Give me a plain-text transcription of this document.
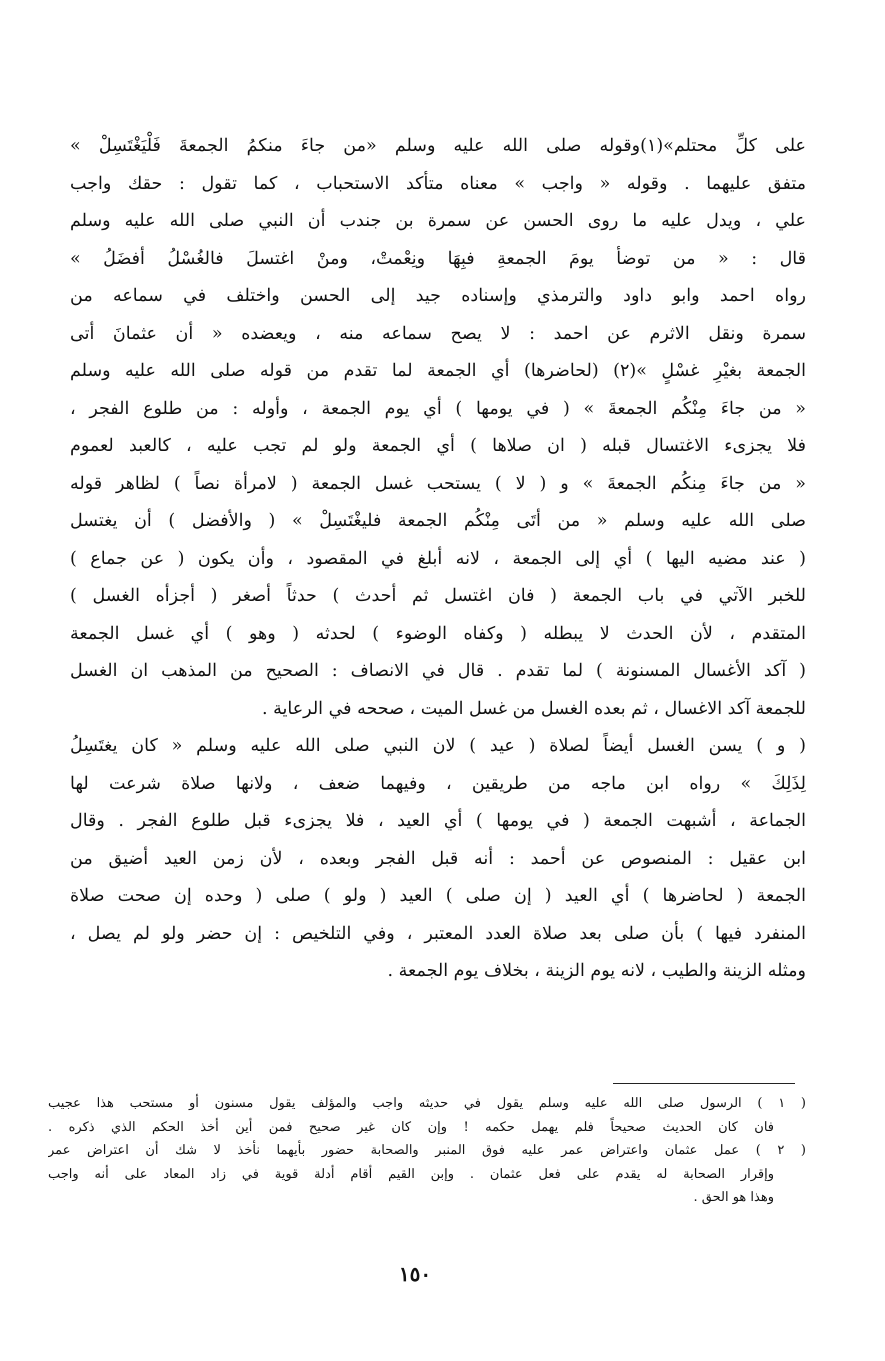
على كلِّ محتلم»(١)وقوله صلى الله عليه وسلم «من جاءَ منكمُ الجمعةَ فَلْيَغْتَسِلْ »
متفق عليهما . وقوله « واجب » معناه متأكد الاستحباب ، كما تقول : حقك واجب
علي ، ويدل عليه ما روى الحسن عن سمرة بن جندب أن النبي صلى الله عليه وسلم
قال : « من توضأ يومَ الجمعةِ فبِهَا ونِعْمتْ، ومنْ اغتسلَ فالغُسْلُ أفضَلُ »
رواه احمد وابو داود والترمذي وإسناده جيد إلى الحسن واختلف في سماعه من
سمرة ونقل الاثرم عن احمد : لا يصح سماعه منه ، ويعضده « أن عثمانَ أتى
الجمعة بغيْرِ غسْلٍ »(٢) (لحاضرها) أي الجمعة لما تقدم من قوله صلى الله عليه وسلم
« من جاءَ مِنْكُم الجمعةَ » ( في يومها ) أي يوم الجمعة ، وأوله : من طلوع الفجر ،
فلا يجزىء الاغتسال قبله ( ان صلاها ) أي الجمعة ولو لم تجب عليه ، كالعبد لعموم
« من جاءَ مِنكُم الجمعةَ » و ( لا ) يستحب غسل الجمعة ( لامرأة نصاً ) لظاهر قوله
صلى الله عليه وسلم « من أتَى مِنْكُم الجمعة فليغْتَسِلْ » ( والأفضل ) أن يغتسل
( عند مضيه اليها ) أي إلى الجمعة ، لانه أبلغ في المقصود ، وأن يكون ( عن جماع )
للخبر الآتي في باب الجمعة ( فان اغتسل ثم أحدث ) حدثاً أصغر ( أجزأه الغسل )
المتقدم ، لأن الحدث لا يبطله ( وكفاه الوضوء ) لحدثه ( وهو ) أي غسل الجمعة
( آكد الأغسال المسنونة ) لما تقدم . قال في الانصاف : الصحيح من المذهب ان الغسل
للجمعة آكد الاغسال ، ثم بعده الغسل من غسل الميت ، صححه في الرعاية .
( و ) يسن الغسل أيضاً لصلاة ( عيد ) لان النبي صلى الله عليه وسلم « كان يغتَسِلُ
لِذَلِكَ » رواه ابن ماجه من طريقين ، وفيهما ضعف ، ولانها صلاة شرعت لها
الجماعة ، أشبهت الجمعة ( في يومها ) أي العيد ، فلا يجزىء قبل طلوع الفجر . وقال
ابن عقيل : المنصوص عن أحمد : أنه قبل الفجر وبعده ، لأن زمن العيد أضيق من
الجمعة ( لحاضرها ) أي العيد ( إن صلى ) العيد ( ولو ) صلى ( وحده إن صحت صلاة
المنفرد فيها ) بأن صلى بعد صلاة العدد المعتبر ، وفي التلخيص : إن حضر ولو لم يصل ،
ومثله الزينة والطيب ، لانه يوم الزينة ، بخلاف يوم الجمعة .
( ١ ) الرسول صلى الله عليه وسلم يقول في حديثه واجب والمؤلف يقول مسنون أو مستحب هذا عجيب
فان كان الحديث صحيحاً فلم يهمل حكمه ! وإن كان غير صحيح فمن أين أخذ الحكم الذي ذكره .
( ٢ ) عمل عثمان واعتراض عمر عليه فوق المنبر والصحابة حضور بأيهما نأخذ لا شك أن اعتراض عمر
وإقرار الصحابة له يقدم على فعل عثمان . وإبن القيم أقام أدلة قوية في زاد المعاد على أنه واجب
وهذا هو الحق .
١٥٠
